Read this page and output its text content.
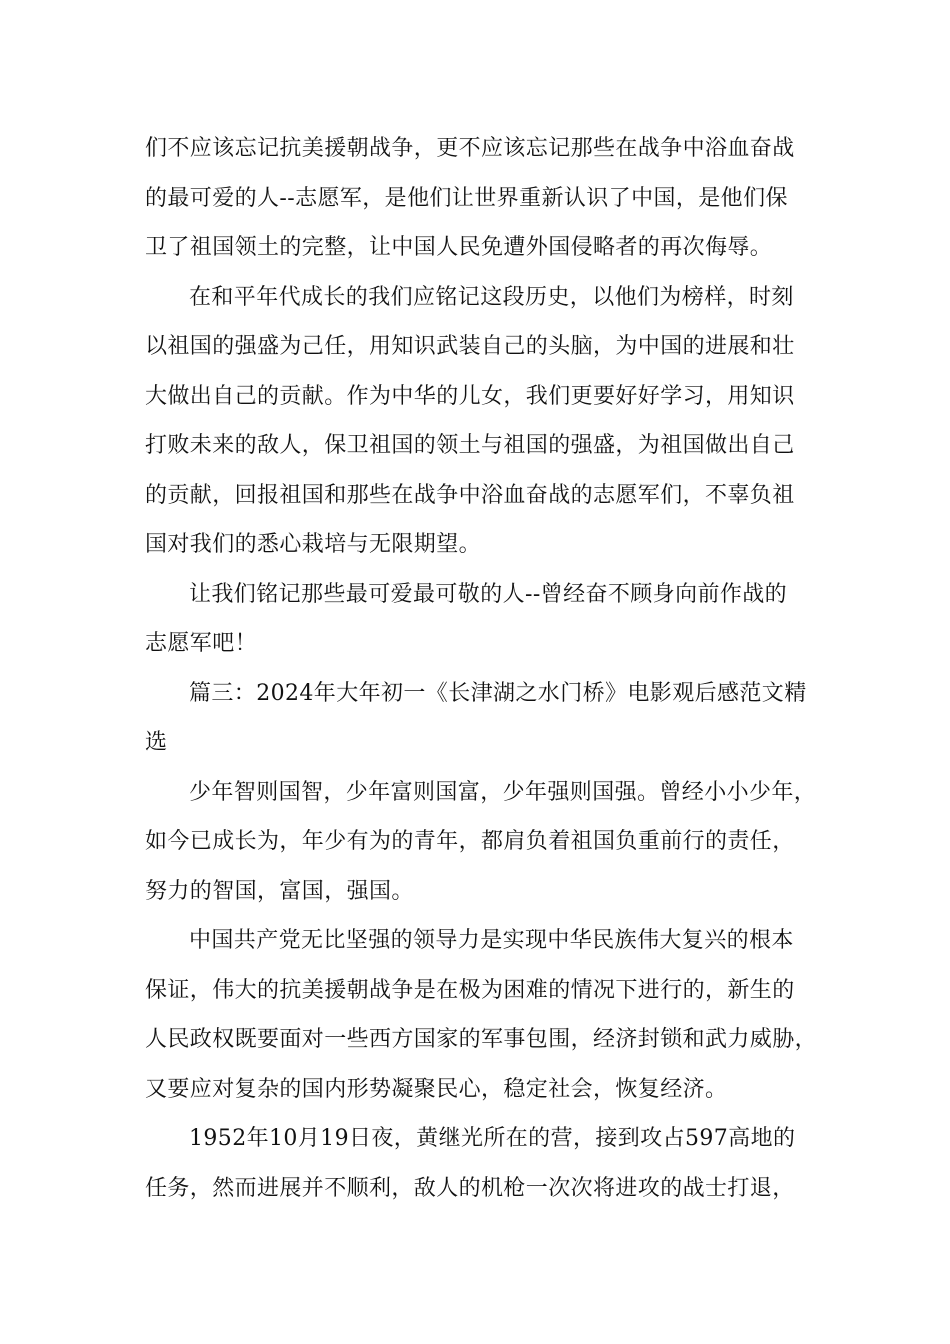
们不应该忘记抗美援朝战争，更不应该忘记那些在战争中浴血奋战
的最可爱的人--志愿军，是他们让世界重新认识了中国，是他们保
卫了祖国领土的完整，让中国人民免遭外国侵略者的再次侮辱。
在和平年代成长的我们应铭记这段历史，以他们为榜样，时刻
以祖国的强盛为己任，用知识武装自己的头脑，为中国的进展和壮
大做出自己的贡献。作为中华的儿女，我们更要好好学习，用知识
打败未来的敌人，保卫祖国的领土与祖国的强盛，为祖国做出自己
的贡献，回报祖国和那些在战争中浴血奋战的志愿军们，不辜负祖
国对我们的悉心栽培与无限期望。
让我们铭记那些最可爱最可敬的人--曾经奋不顾身向前作战的
志愿军吧！
篇三：2024年大年初一《长津湖之水门桥》电影观后感范文精
选
少年智则国智，少年富则国富，少年强则国强。曾经小小少年，
如今已成长为，年少有为的青年，都肩负着祖国负重前行的责任，
努力的智国，富国，强国。
中国共产党无比坚强的领导力是实现中华民族伟大复兴的根本
保证，伟大的抗美援朝战争是在极为困难的情况下进行的，新生的
人民政权既要面对一些西方国家的军事包围，经济封锁和武力威胁，
又要应对复杂的国内形势凝聚民心，稳定社会，恢复经济。
1952年10月19日夜，黄继光所在的营，接到攻占597高地的
任务，然而进展并不顺利，敌人的机枪一次次将进攻的战士打退，
